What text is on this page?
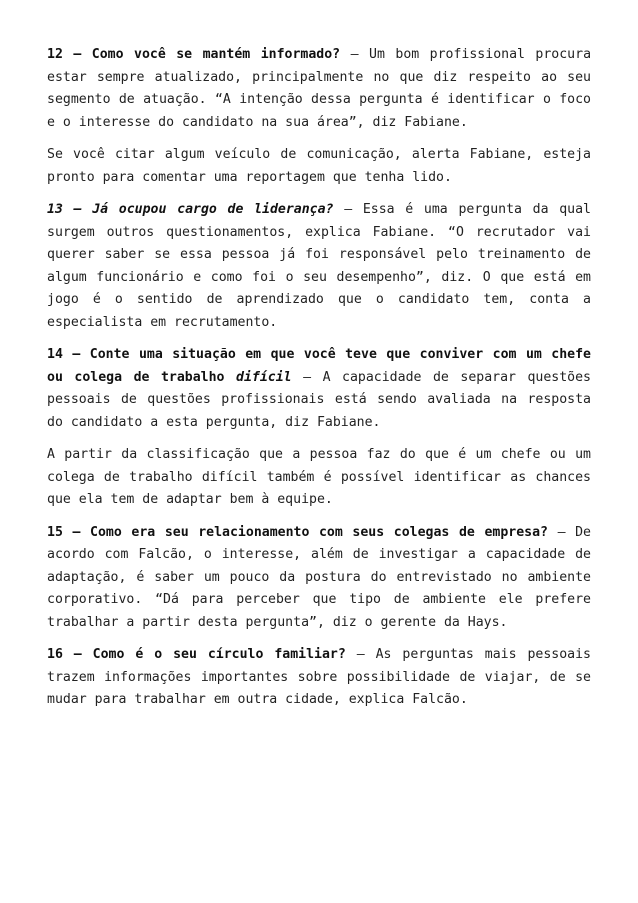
12 – Como você se mantém informado? – Um bom profissional procura estar sempre atualizado, principalmente no que diz respeito ao seu segmento de atuação. “A intenção dessa pergunta é identificar o foco e o interesse do candidato na sua área”, diz Fabiane.

Se você citar algum veículo de comunicação, alerta Fabiane, esteja pronto para comentar uma reportagem que tenha lido.

13 – Já ocupou cargo de liderança? – Essa é uma pergunta da qual surgem outros questionamentos, explica Fabiane. “O recrutador vai querer saber se essa pessoa já foi responsável pelo treinamento de algum funcionário e como foi o seu desempenho”, diz. O que está em jogo é o sentido de aprendizado que o candidato tem, conta a especialista em recrutamento.

14 – Conte uma situação em que você teve que conviver com um chefe ou colega de trabalho difícil – A capacidade de separar questões pessoais de questões profissionais está sendo avaliada na resposta do candidato a esta pergunta, diz Fabiane.

A partir da classificação que a pessoa faz do que é um chefe ou um colega de trabalho difícil também é possível identificar as chances que ela tem de adaptar bem à equipe.

15 – Como era seu relacionamento com seus colegas de empresa? – De acordo com Falcão, o interesse, além de investigar a capacidade de adaptação, é saber um pouco da postura do entrevistado no ambiente corporativo. “Dá para perceber que tipo de ambiente ele prefere trabalhar a partir desta pergunta”, diz o gerente da Hays.

16 – Como é o seu círculo familiar? – As perguntas mais pessoais trazem informações importantes sobre possibilidade de viajar, de se mudar para trabalhar em outra cidade, explica Falcão.
